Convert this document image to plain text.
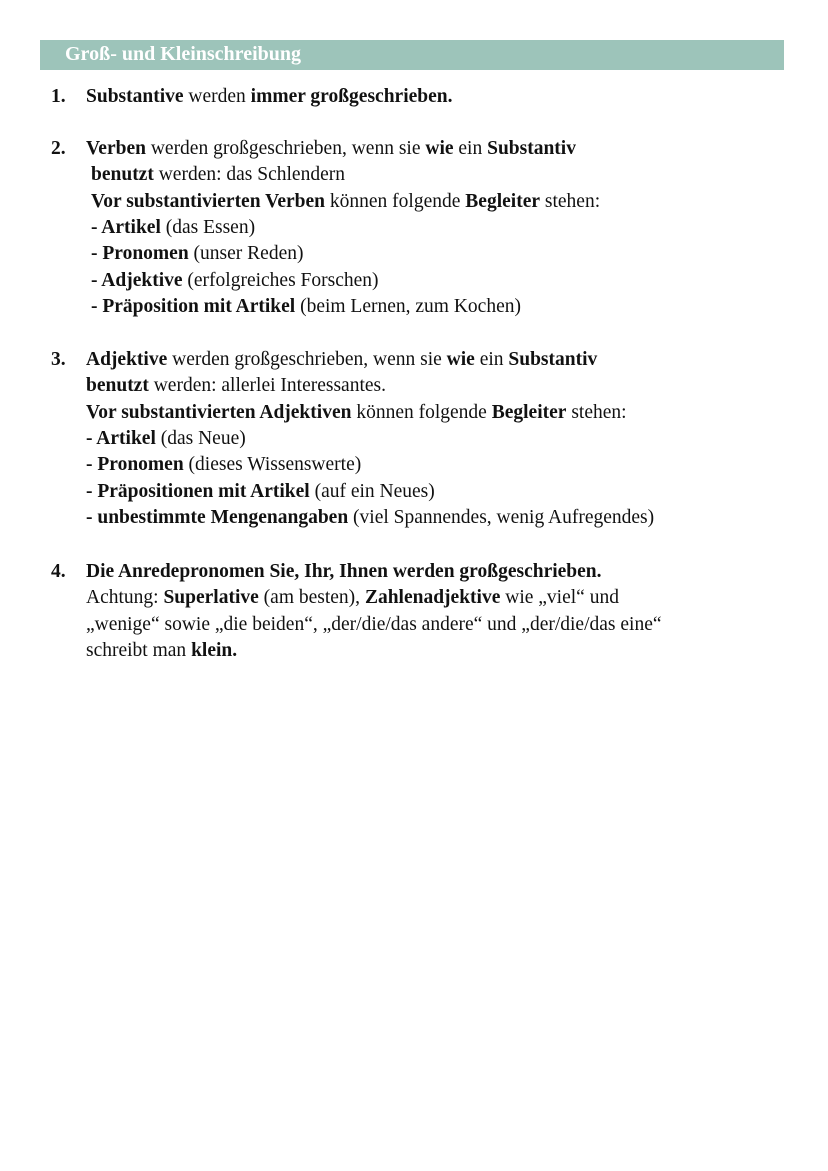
Groß- und Kleinschreibung
1. Substantive werden immer großgeschrieben.
2. Verben werden großgeschrieben, wenn sie wie ein Substantiv
benutzt werden: das Schlendern
Vor substantivierten Verben können folgende Begleiter stehen:
- Artikel (das Essen)
- Pronomen (unser Reden)
- Adjektive (erfolgreiches Forschen)
- Präposition mit Artikel (beim Lernen, zum Kochen)
3. Adjektive werden großgeschrieben, wenn sie wie ein Substantiv
benutzt werden: allerlei Interessantes.
Vor substantivierten Adjektiven können folgende Begleiter stehen:
- Artikel (das Neue)
- Pronomen (dieses Wissenswerte)
- Präpositionen mit Artikel (auf ein Neues)
- unbestimmte Mengenangaben (viel Spannendes, wenig Aufregendes)
4. Die Anredepronomen Sie, Ihr, Ihnen werden großgeschrieben.
Achtung: Superlative (am besten), Zahlenadjektive wie „viel“ und
„wenige“ sowie „die beiden“, „der/die/das andere“ und „der/die/das eine“
schreibt man klein.
